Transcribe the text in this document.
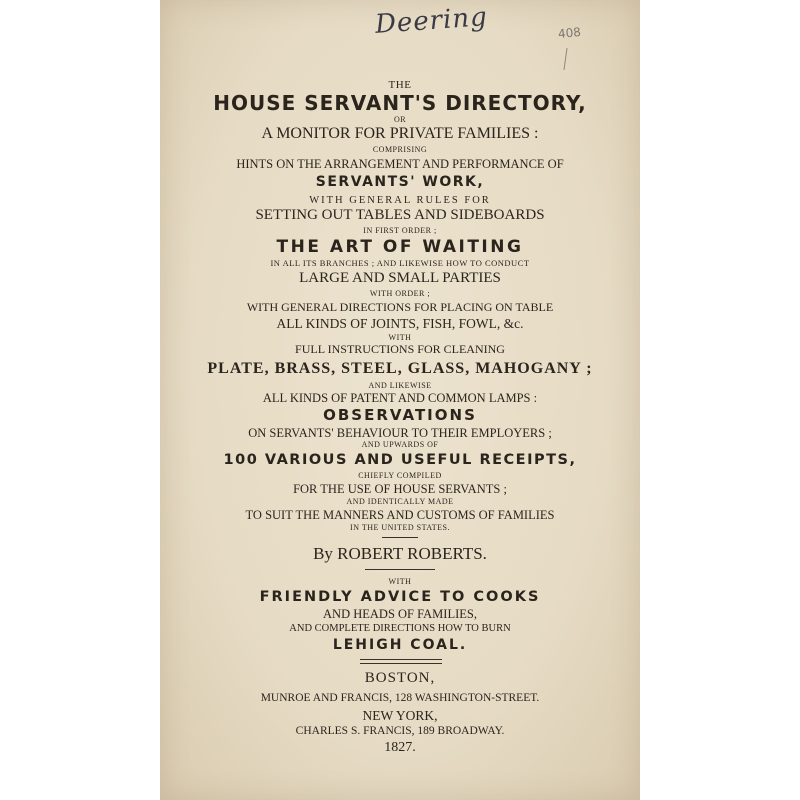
Deering	408
THE
HOUSE SERVANT'S DIRECTORY,
OR
A MONITOR FOR PRIVATE FAMILIES :
COMPRISING
HINTS ON THE ARRANGEMENT AND PERFORMANCE OF
SERVANTS' WORK,
WITH GENERAL RULES FOR
SETTING OUT TABLES AND SIDEBOARDS
IN FIRST ORDER ;
THE ART OF WAITING
IN ALL ITS BRANCHES ; AND LIKEWISE HOW TO CONDUCT
LARGE AND SMALL PARTIES
WITH ORDER ;
WITH GENERAL DIRECTIONS FOR PLACING ON TABLE
ALL KINDS OF JOINTS, FISH, FOWL, &c.
WITH
FULL INSTRUCTIONS FOR CLEANING
PLATE, BRASS, STEEL, GLASS, MAHOGANY ;
AND LIKEWISE
ALL KINDS OF PATENT AND COMMON LAMPS :
OBSERVATIONS
ON SERVANTS' BEHAVIOUR TO THEIR EMPLOYERS ;
AND UPWARDS OF
100 VARIOUS AND USEFUL RECEIPTS,
CHIEFLY COMPILED
FOR THE USE OF HOUSE SERVANTS ;
AND IDENTICALLY MADE
TO SUIT THE MANNERS AND CUSTOMS OF FAMILIES
IN THE UNITED STATES.
By ROBERT ROBERTS.
WITH
FRIENDLY ADVICE TO COOKS
AND HEADS OF FAMILIES,
AND COMPLETE DIRECTIONS HOW TO BURN
LEHIGH COAL.
BOSTON,
MUNROE AND FRANCIS, 128 WASHINGTON-STREET.
NEW YORK,
CHARLES S. FRANCIS, 189 BROADWAY.
1827.
